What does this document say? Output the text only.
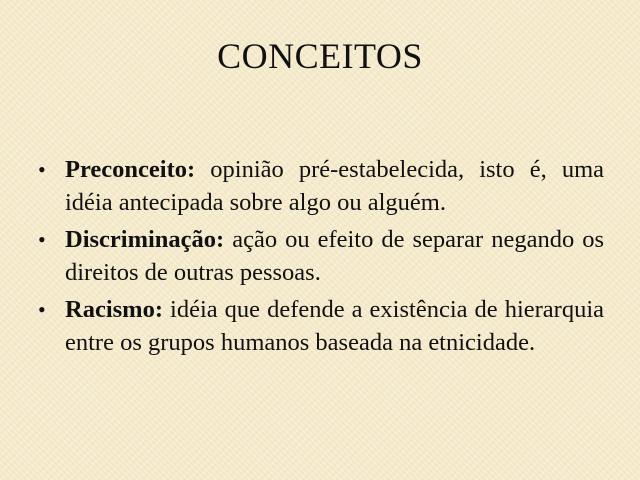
CONCEITOS
• Preconceito: opinião pré-estabelecida, isto é, uma idéia antecipada sobre algo ou alguém.
• Discriminação: ação ou efeito de separar negando os direitos de outras pessoas.
• Racismo: idéia que defende a existência de hierarquia entre os grupos humanos baseada na etnicidade.
